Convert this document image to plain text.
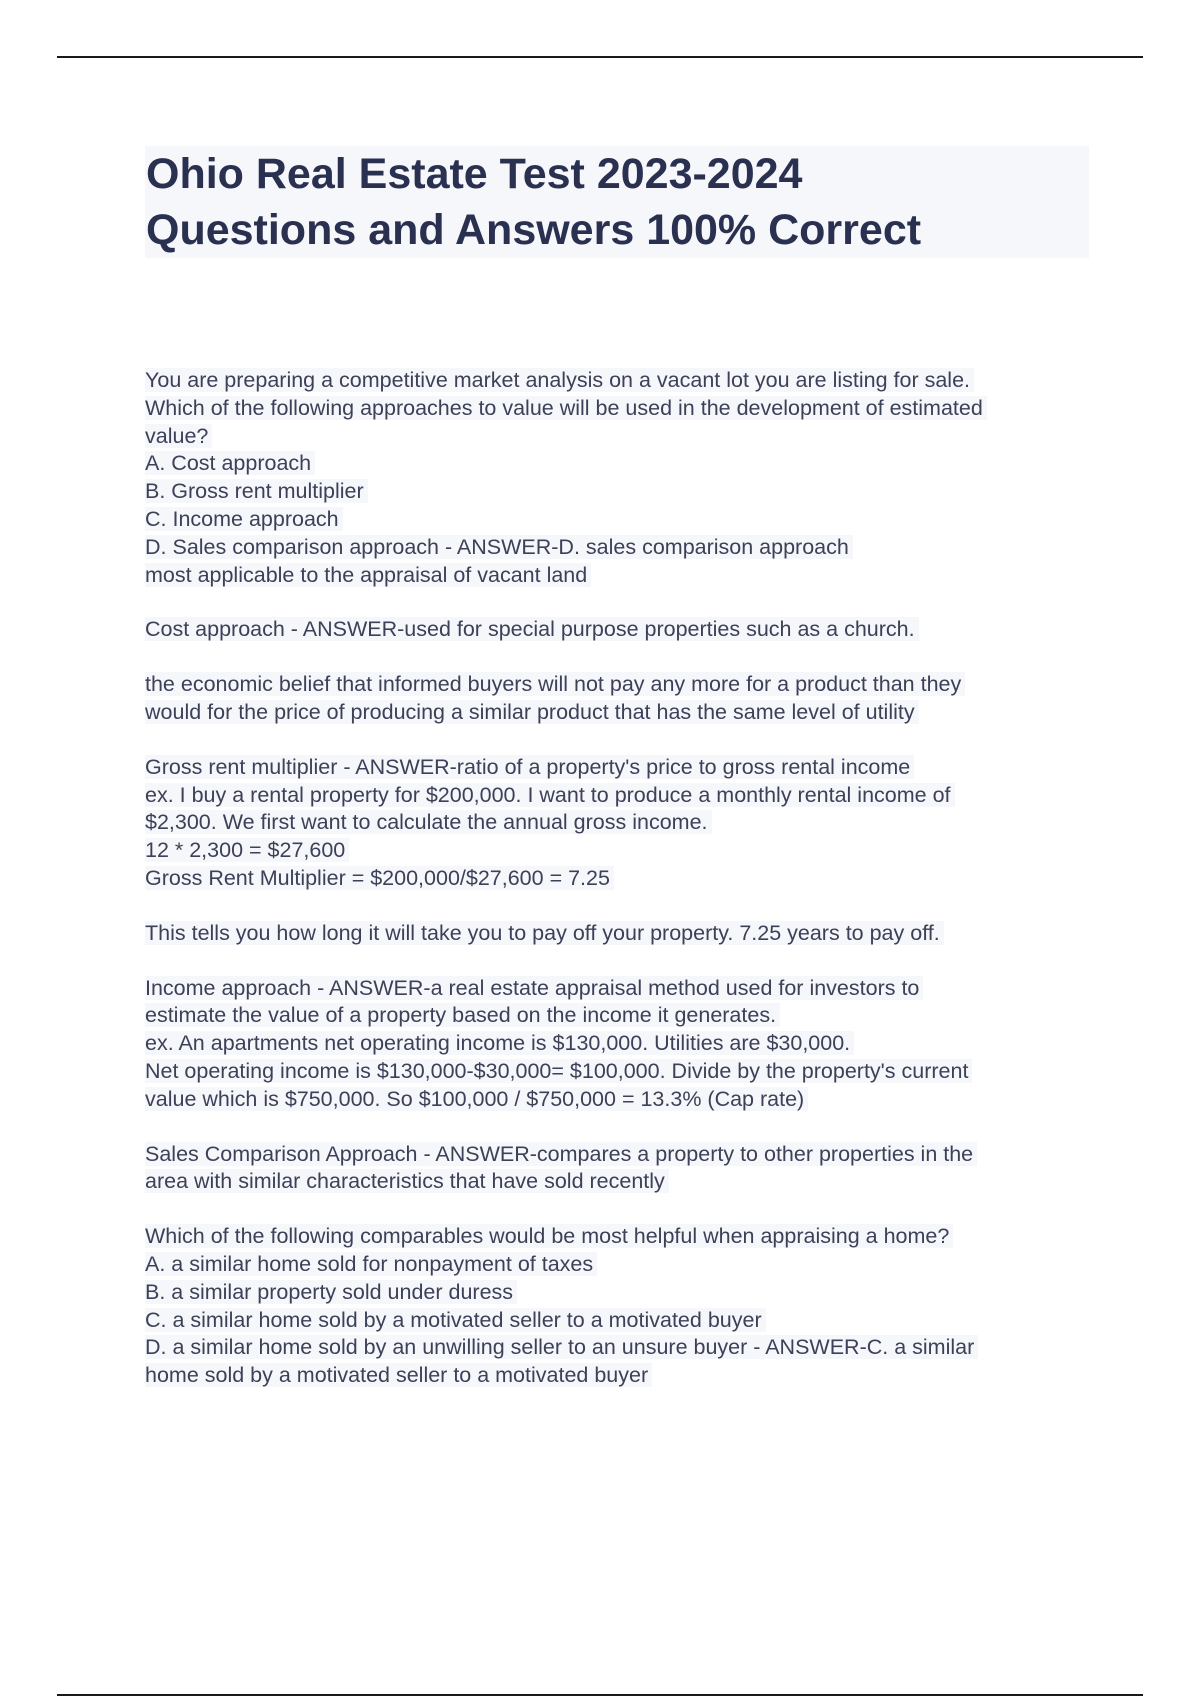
Ohio Real Estate Test 2023-2024
Questions and Answers 100% Correct
You are preparing a competitive market analysis on a vacant lot you are listing for sale.
Which of the following approaches to value will be used in the development of estimated
value?
A. Cost approach
B. Gross rent multiplier
C. Income approach
D. Sales comparison approach - ANSWER-D. sales comparison approach
most applicable to the appraisal of vacant land
Cost approach - ANSWER-used for special purpose properties such as a church.
the economic belief that informed buyers will not pay any more for a product than they
would for the price of producing a similar product that has the same level of utility
Gross rent multiplier - ANSWER-ratio of a property's price to gross rental income
ex. I buy a rental property for $200,000. I want to produce a monthly rental income of
$2,300. We first want to calculate the annual gross income.
12 * 2,300 = $27,600
Gross Rent Multiplier = $200,000/$27,600 = 7.25
This tells you how long it will take you to pay off your property. 7.25 years to pay off.
Income approach - ANSWER-a real estate appraisal method used for investors to
estimate the value of a property based on the income it generates.
ex. An apartments net operating income is $130,000. Utilities are $30,000.
Net operating income is $130,000-$30,000= $100,000. Divide by the property's current
value which is $750,000. So $100,000 / $750,000 = 13.3% (Cap rate)
Sales Comparison Approach - ANSWER-compares a property to other properties in the
area with similar characteristics that have sold recently
Which of the following comparables would be most helpful when appraising a home?
A. a similar home sold for nonpayment of taxes
B. a similar property sold under duress
C. a similar home sold by a motivated seller to a motivated buyer
D. a similar home sold by an unwilling seller to an unsure buyer - ANSWER-C. a similar
home sold by a motivated seller to a motivated buyer
